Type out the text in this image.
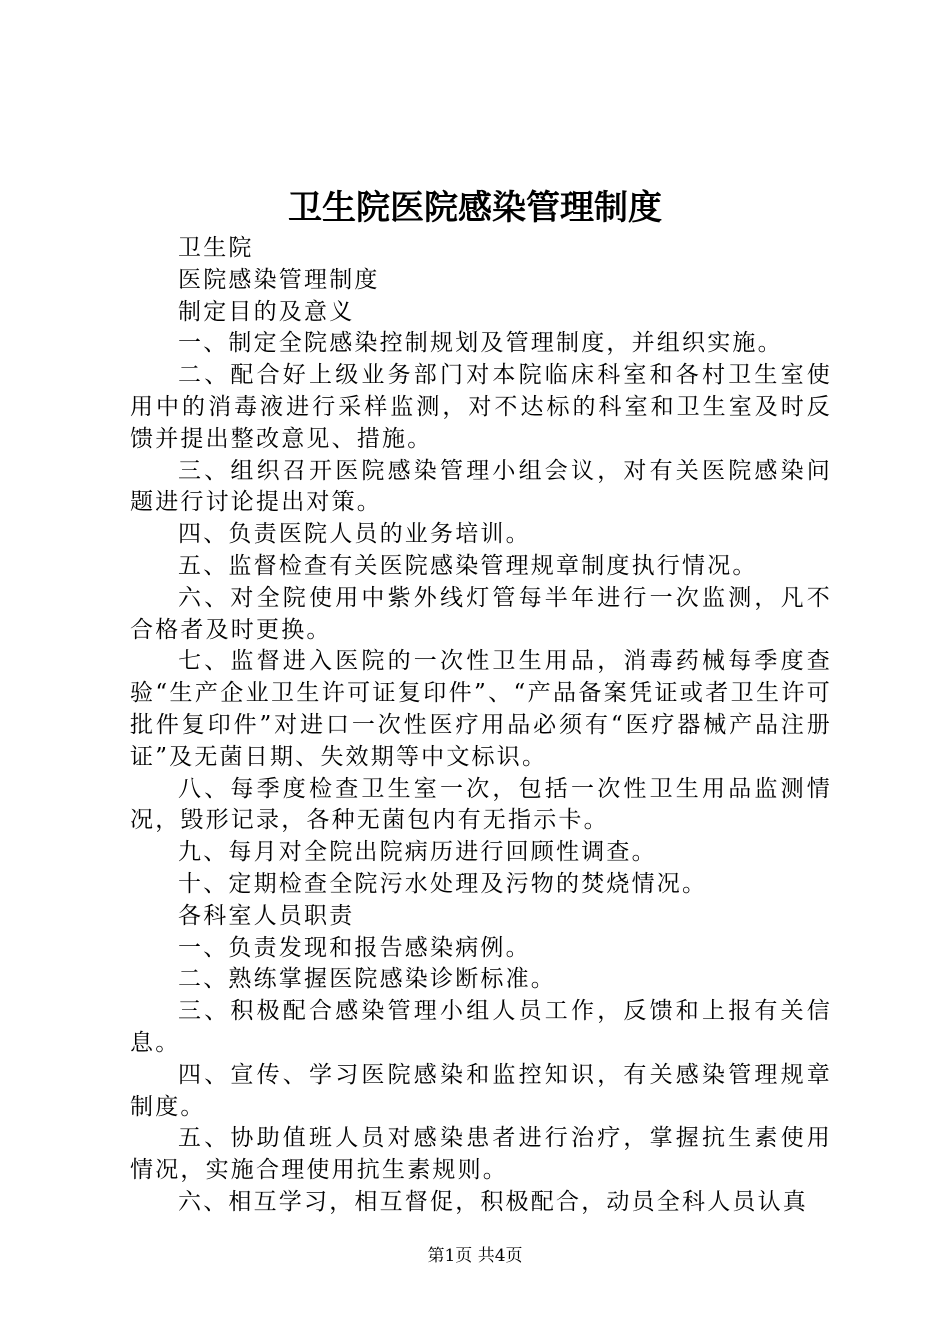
卫生院医院感染管理制度

卫生院

医院感染管理制度

制定目的及意义

一、制定全院感染控制规划及管理制度，并组织实施。

二、配合好上级业务部门对本院临床科室和各村卫生室使用中的消毒液进行采样监测，对不达标的科室和卫生室及时反馈并提出整改意见、措施。

三、组织召开医院感染管理小组会议，对有关医院感染问题进行讨论提出对策。

四、负责医院人员的业务培训。

五、监督检查有关医院感染管理规章制度执行情况。

六、对全院使用中紫外线灯管每半年进行一次监测，凡不合格者及时更换。

七、监督进入医院的一次性卫生用品，消毒药械每季度查验“生产企业卫生许可证复印件”、“产品备案凭证或者卫生许可批件复印件”对进口一次性医疗用品必须有“医疗器械产品注册证”及无菌日期、失效期等中文标识。

八、每季度检查卫生室一次，包括一次性卫生用品监测情况，毁形记录，各种无菌包内有无指示卡。

九、每月对全院出院病历进行回顾性调查。

十、定期检查全院污水处理及污物的焚烧情况。

各科室人员职责

一、负责发现和报告感染病例。

二、熟练掌握医院感染诊断标准。

三、积极配合感染管理小组人员工作，反馈和上报有关信息。

四、宣传、学习医院感染和监控知识，有关感染管理规章制度。

五、协助值班人员对感染患者进行治疗，掌握抗生素使用情况，实施合理使用抗生素规则。

六、相互学习，相互督促，积极配合，动员全科人员认真

第1页 共4页
